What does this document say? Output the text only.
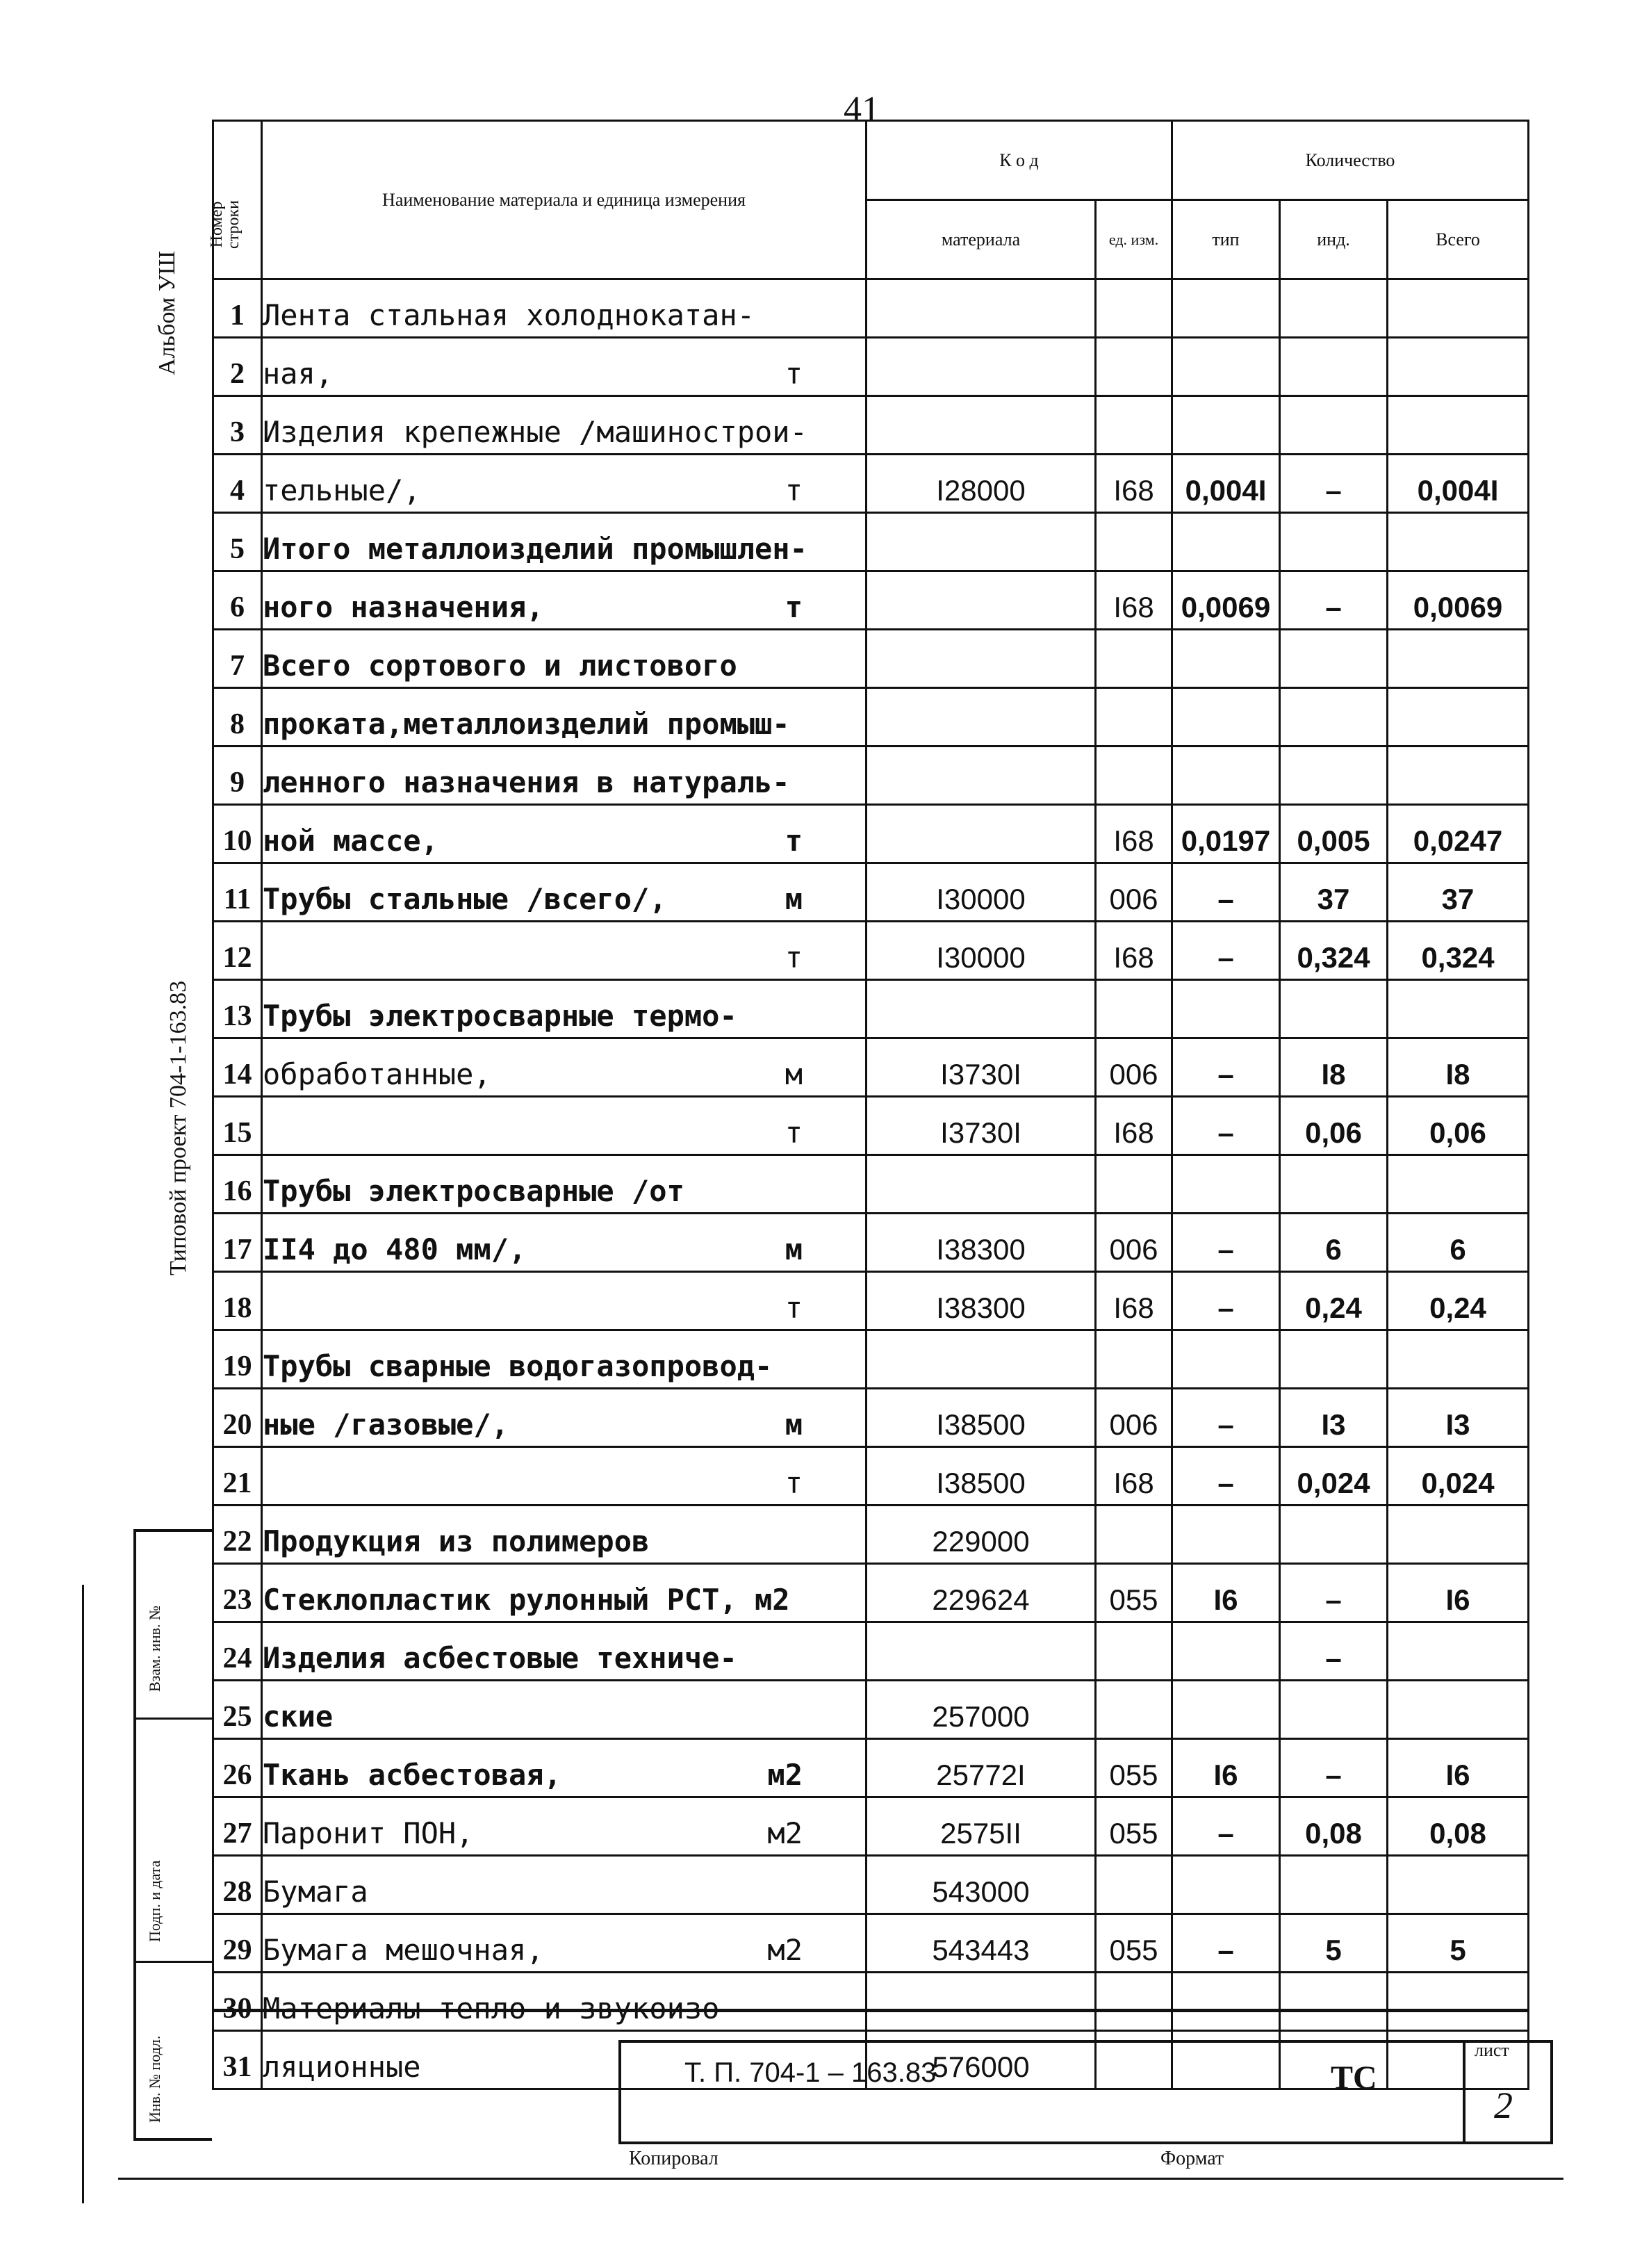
41
Альбом УШ
Типовой проект 704-1-163.83
Взам. инв. №
Подп. и дата
Инв. № подл.
Номер строки	Наименование материала и единица измерения	К о д		Количество		
		материала	ед. изм.	тип	инд.	Всего
1	Лента стальная холоднокатан-

2	ная, т					

3	Изделия крепежные /машинострои-

4	тельные/, т	I28000	I68	0,004I	–	0,004I
5	Итого металлоизделий промышлен-

6	ного назначения, т		I68	0,0069	–	0,0069
7	Всего сортового и листового

8	проката,металлоизделий промыш-

9	ленного назначения в натураль-

10	ной массе, т		I68	0,0197	0,005	0,0247
11	Трубы стальные /всего/, м	I30000	006	–	37	37
12	т	I30000	I68	–	0,324	0,324
13	Трубы электросварные термо-

14	обработанные, м	I3730I	006	–	I8	I8
15	т	I3730I	I68	–	0,06	0,06
16	Трубы электросварные /от

17	II4 до 480 мм/, м	I38300	006	–	6	6
18	т	I38300	I68	–	0,24	0,24
19	Трубы сварные водогазопровод-

20	ные /газовые/, м	I38500	006	–	I3	I3
21	т	I38500	I68	–	0,024	0,024
22	Продукция из полимеров	229000				
23	Стеклопластик рулонный РСТ, м2	229624	055	I6	–	I6
24	Изделия асбестовые техниче-				–	
25	ские	257000				
26	Ткань асбестовая, м2	25772I	055	I6	–	I6
27	Паронит ПОН, м2	2575II	055	–	0,08	0,08
28	Бумага	543000				
29	Бумага мешочная, м2	543443	055	–	5	5
30	Материалы тепло-и звукоизо-

31	ляционные	576000				
Т. П. 704-1 – 163.83	ТС
лист
2
Копировал	Формат
